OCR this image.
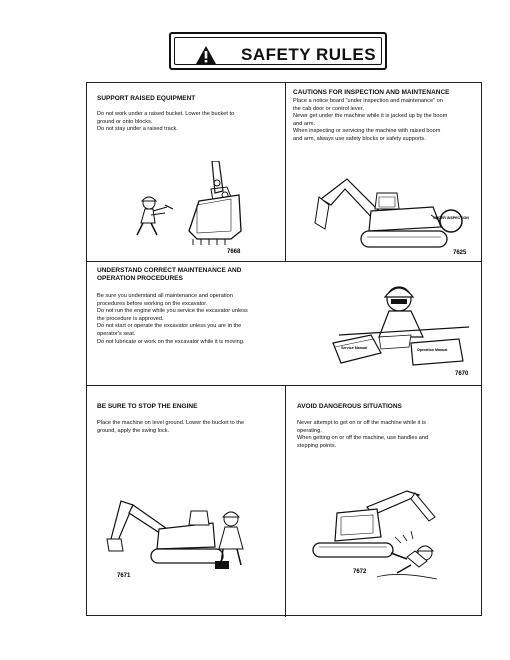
SAFETY RULES
SUPPORT RAISED EQUIPMENT

Do not work under a raised bucket. Lower the bucket to

ground or onto blocks.

Do not stay under a raised track.

7668
CAUTIONS FOR INSPECTION AND MAINTENANCE

Place a notice board "under inspection and maintenance" on

the cab door or control lever.

Never get under the machine while it is jacked up by the boom

and arm.

When inspecting or servicing the machine with raised boom

and arm, always use safety blocks or safety supports.

UNDER INSPECTION
7625
UNDERSTAND CORRECT MAINTENANCE AND
OPERATION PROCEDURES

Be sure you understand all maintenance and operation

procedures before working on the excavator.

Do not run the engine while you service the excavator unless

the procedure is approved.

Do not start or operate the excavator unless you are in the

operator's seat.

Do not lubricate or work on the excavator while it is moving.

Service Manual	Operation Manual
7670
BE SURE TO STOP THE ENGINE

Place the machine on level ground. Lower the bucket to the

ground, apply the swing lock.

7671
AVOID DANGEROUS SITUATIONS

Never attempt to get on or off the machine while it is

operating.

When getting on or off the machine, use handles and

stepping points.

7672
